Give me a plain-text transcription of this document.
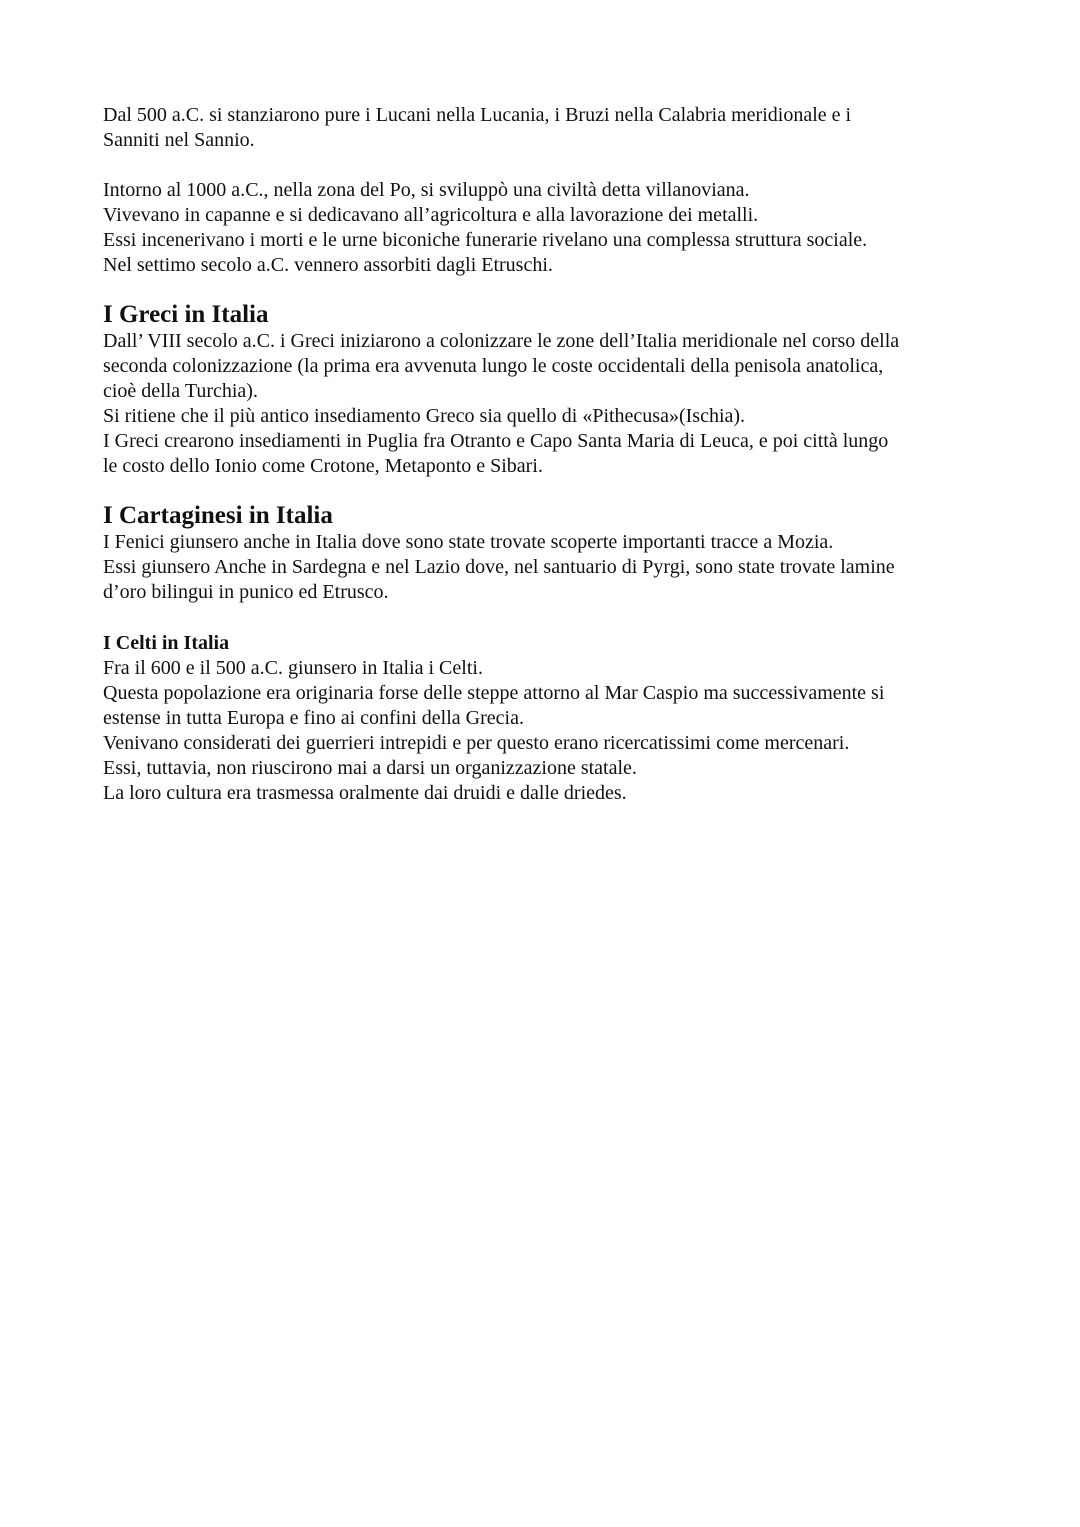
Dal 500 a.C. si stanziarono pure i Lucani nella Lucania, i Bruzi nella Calabria meridionale e i
Sanniti nel Sannio.

Intorno al 1000 a.C., nella zona del Po, si sviluppò una civiltà detta villanoviana.
Vivevano in capanne e si dedicavano all’agricoltura e alla lavorazione dei metalli.
Essi incenerivano i morti e le urne biconiche funerarie rivelano una complessa struttura sociale.
Nel settimo secolo a.C. vennero assorbiti dagli Etruschi.

I Greci in Italia

Dall’ VIII secolo a.C. i Greci iniziarono a colonizzare le zone dell’Italia meridionale nel corso della
seconda colonizzazione (la prima era avvenuta lungo le coste occidentali della penisola anatolica,
cioè della Turchia).
Si ritiene che il più antico insediamento Greco sia quello di «Pithecusa»(Ischia).
I Greci crearono insediamenti in Puglia fra Otranto e Capo Santa Maria di Leuca, e poi città lungo
le costo dello Ionio come Crotone, Metaponto e Sibari.

I Cartaginesi in Italia

I Fenici giunsero anche in Italia dove sono state trovate scoperte importanti tracce a Mozia.
Essi giunsero Anche in Sardegna e nel Lazio dove, nel santuario di Pyrgi, sono state trovate lamine
d’oro bilingui in punico ed Etrusco.

I Celti in Italia

Fra il 600 e il 500 a.C. giunsero in Italia i Celti.
Questa popolazione era originaria forse delle steppe attorno al Mar Caspio ma successivamente si
estense in tutta Europa e fino ai confini della Grecia.
Venivano considerati dei guerrieri intrepidi e per questo erano ricercatissimi come mercenari.
Essi, tuttavia, non riuscirono mai a darsi un organizzazione statale.
La loro cultura era trasmessa oralmente dai druidi e dalle driedes.
